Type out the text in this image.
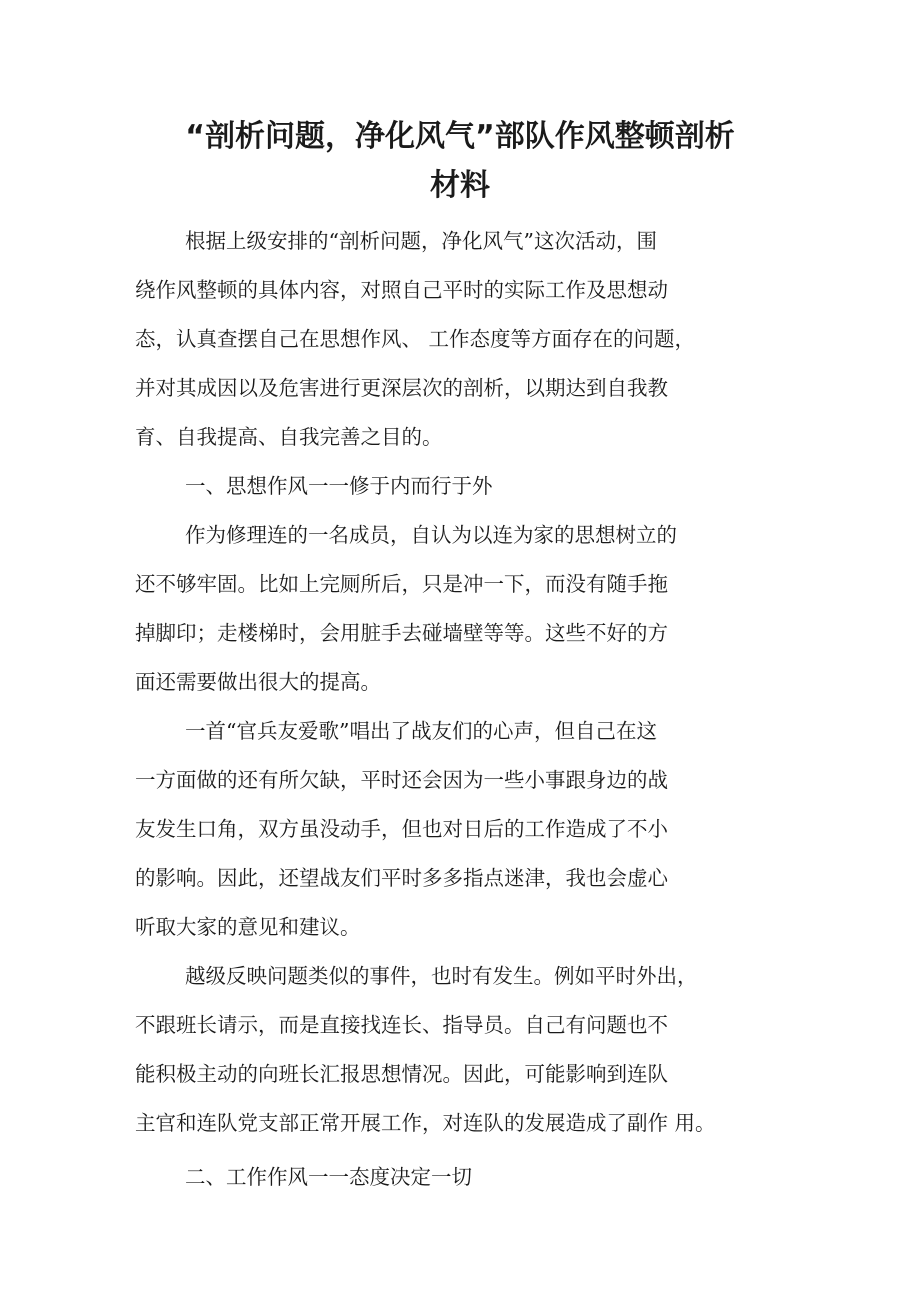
“剖析问题，净化风气”部队作风整顿剖析
材料
根据上级安排的“剖析问题，净化风气”这次活动，围
绕作风整顿的具体内容，对照自己平时的实际工作及思想动
态，认真查摆自己在思想作风、 工作态度等方面存在的问题，
并对其成因以及危害进行更深层次的剖析，以期达到自我教
育、自我提高、自我完善之目的。
一、思想作风一一修于内而行于外
作为修理连的一名成员，自认为以连为家的思想树立的
还不够牢固。比如上完厕所后，只是冲一下，而没有随手拖
掉脚印；走楼梯时，会用脏手去碰墙壁等等。这些不好的方
面还需要做出很大的提高。
一首“官兵友爱歌”唱出了战友们的心声，但自己在这
一方面做的还有所欠缺，平时还会因为一些小事跟身边的战
友发生口角，双方虽没动手，但也对日后的工作造成了不小
的影响。因此，还望战友们平时多多指点迷津，我也会虚心
听取大家的意见和建议。
越级反映问题类似的事件，也时有发生。例如平时外出，
不跟班长请示，而是直接找连长、指导员。自己有问题也不
能积极主动的向班长汇报思想情况。因此，可能影响到连队
主官和连队党支部正常开展工作，对连队的发展造成了副作 用。
二、工作作风一一态度决定一切
